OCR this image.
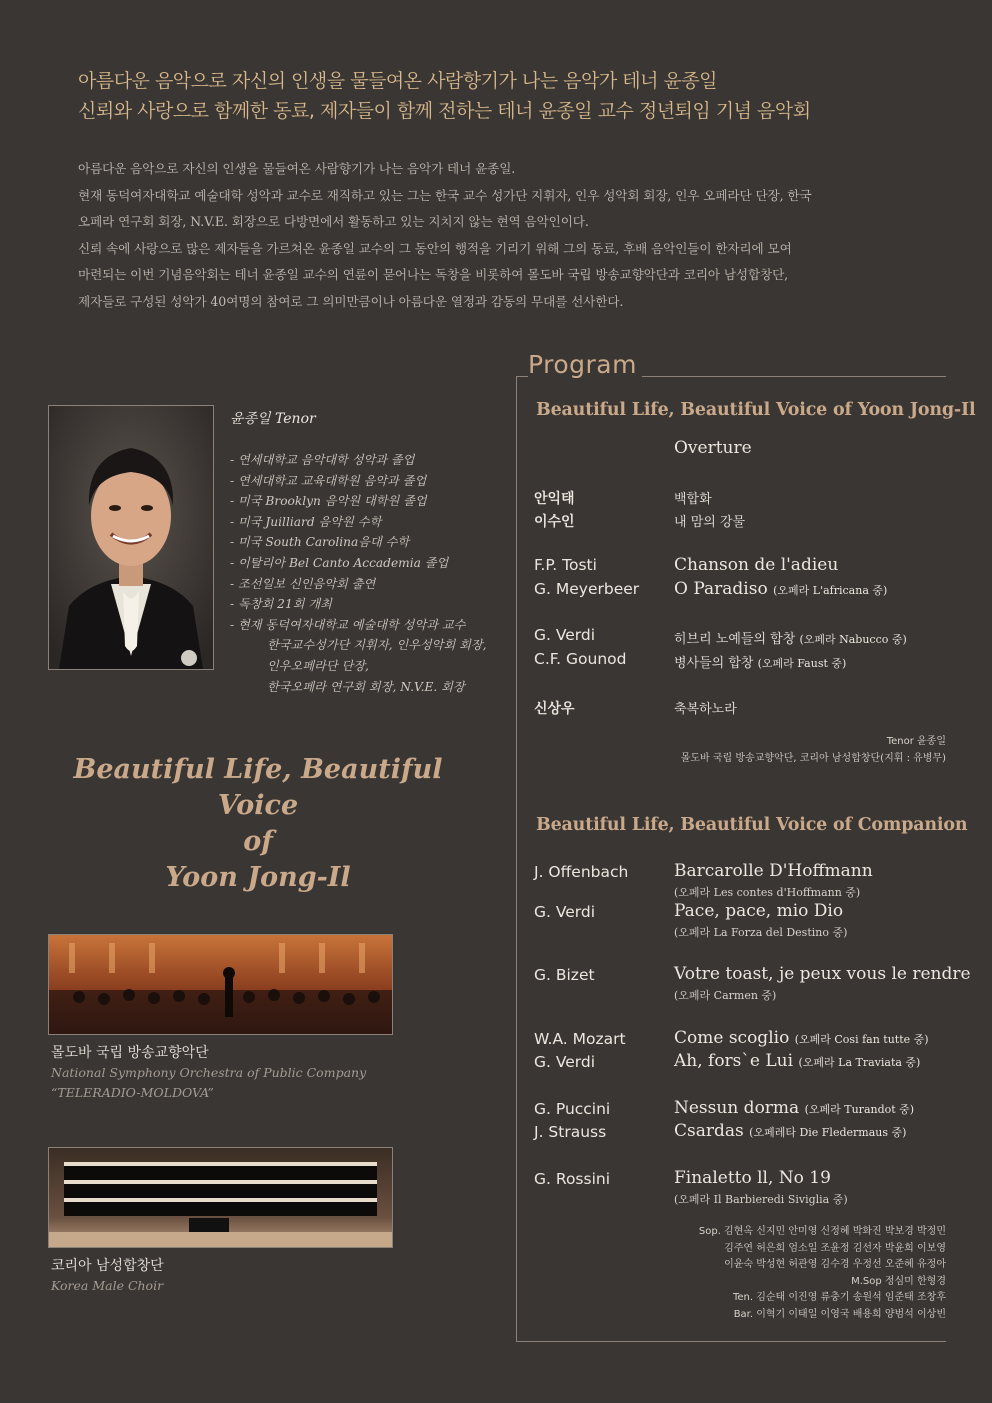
아름다운 음악으로 자신의 인생을 물들여온 사람향기가 나는 음악가 테너 윤종일
신뢰와 사랑으로 함께한 동료, 제자들이 함께 전하는 테너 윤종일 교수 정년퇴임 기념 음악회

아름다운 음악으로 자신의 인생을 물들여온 사람향기가 나는 음악가 테너 윤종일.

현재 동덕여자대학교 예술대학 성악과 교수로 재직하고 있는 그는 한국 교수 성가단 지휘자, 인우 성악회 회장, 인우 오페라단 단장, 한국

오페라 연구회 회장, N.V.E. 회장으로 다방면에서 활동하고 있는 지치지 않는 현역 음악인이다.

신뢰 속에 사랑으로 많은 제자들을 가르쳐온 윤종일 교수의 그 동안의 행적을 기리기 위해 그의 동료, 후배 음악인들이 한자리에 모여

마련되는 이번 기념음악회는 테너 윤종일 교수의 연륜이 묻어나는 독창을 비롯하여 몰도바 국립 방송교향악단과 코리아 남성합창단,

제자들로 구성된 성악가 40여명의 참여로 그 의미만큼이나 아름다운 열정과 감동의 무대를 선사한다.

윤종일 Tenor
- 연세대학교 음악대학 성악과 졸업
- 연세대학교 교육대학원 음악과 졸업
- 미국 Brooklyn 음악원 대학원 졸업
- 미국 Juilliard 음악원 수학
- 미국 South Carolina음대 수학
- 이탈리아 Bel Canto Accademia 졸업
- 조선일보 신인음악회 출연
- 독창회 21회 개최
- 현재 동덕여자대학교 예술대학 성악과 교수
한국교수성가단 지휘자, 인우성악회 회장,
인우오페라단 단장,
한국오페라 연구회 회장, N.V.E. 회장
Beautiful Life, Beautiful Voice
of
Yoon Jong-Il
몰도바 국립 방송교향악단
National Symphony Orchestra of Public Company
“TELERADIO-MOLDOVA”
코리아 남성합창단
Korea Male Choir
Program
Beautiful Life, Beautiful Voice of Yoon Jong-Il
Overture
안익태	백합화
이수인	내 맘의 강물
F.P. Tosti	Chanson de l'adieu
G. Meyerbeer O Paradiso (오페라 L'africana 중)
G. Verdi	히브리 노예들의 합창 (오페라 Nabucco 중)
C.F. Gounod	병사들의 합창 (오페라 Faust 중)
신상우	축복하노라
Tenor 윤종일
몰도바 국립 방송교향악단, 코리아 남성합창단(지휘 : 유병무)
Beautiful Life, Beautiful Voice of Companion
J. Offenbach	Barcarolle D'Hoffmann
(오페라 Les contes d'Hoffmann 중)
G. Verdi	Pace, pace, mio Dio
(오페라 La Forza del Destino 중)
G. Bizet	Votre toast, je peux vous le rendre
(오페라 Carmen 중)
W.A. Mozart	Come scoglio (오페라 Cosi fan tutte 중)
G. Verdi	Ah, fors`e Lui (오페라 La Traviata 중)
G. Puccini	Nessun dorma (오페라 Turandot 중)
J. Strauss	Csardas (오페레타 Die Fledermaus 중)
G. Rossini	Finaletto ll, No 19
(오페라 Il Barbieredi Siviglia 중)
Sop. 김현옥 신지민 안미영 신정혜 박화진 박보경 박정민
김주연 허은희 엄소일 조윤정 김선자 박윤희 이보영
이윤숙 박성현 허관영 김수경 우정선 오준혜 유정아
M.Sop 정심미 한형경
Ten. 김순태 이진영 류충기 송원석 임준태 조창후
Bar. 이혁기 이태일 이영국 배용희 양범석 이상빈
